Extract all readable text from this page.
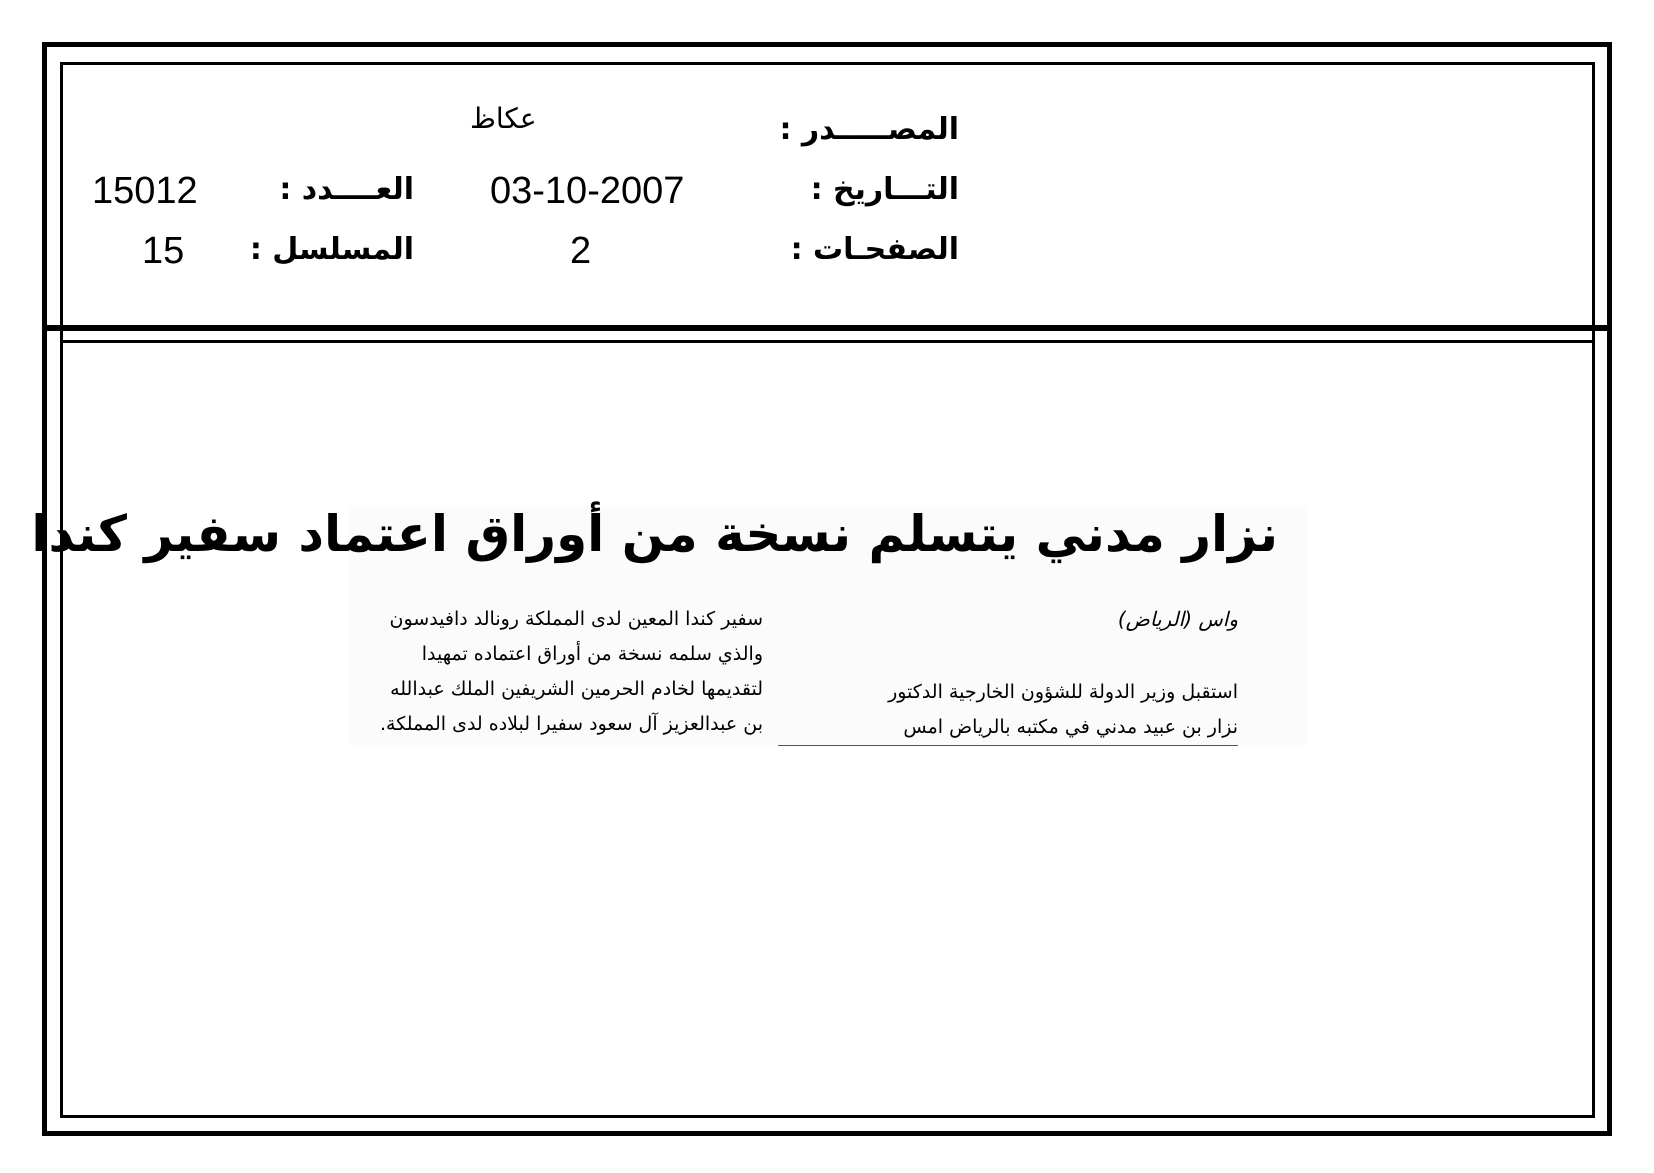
المصـــــدر :
التـــاريخ :
الصفحـات :
عكاظ
03-10-2007
2
العــــدد :
المسلسل :
15012
15
نزار مدني يتسلم نسخة من أوراق اعتماد سفير كندا
واس (الرياض)
استقبل وزير الدولة للشؤون الخارجية الدكتور
نزار بن عبيد مدني في مكتبه بالرياض امس
سفير كندا المعين لدى المملكة رونالد دافيدسون
والذي سلمه نسخة من أوراق اعتماده تمهيدا
لتقديمها لخادم الحرمين الشريفين الملك عبدالله
بن عبدالعزيز آل سعود سفيرا لبلاده لدى المملكة.
